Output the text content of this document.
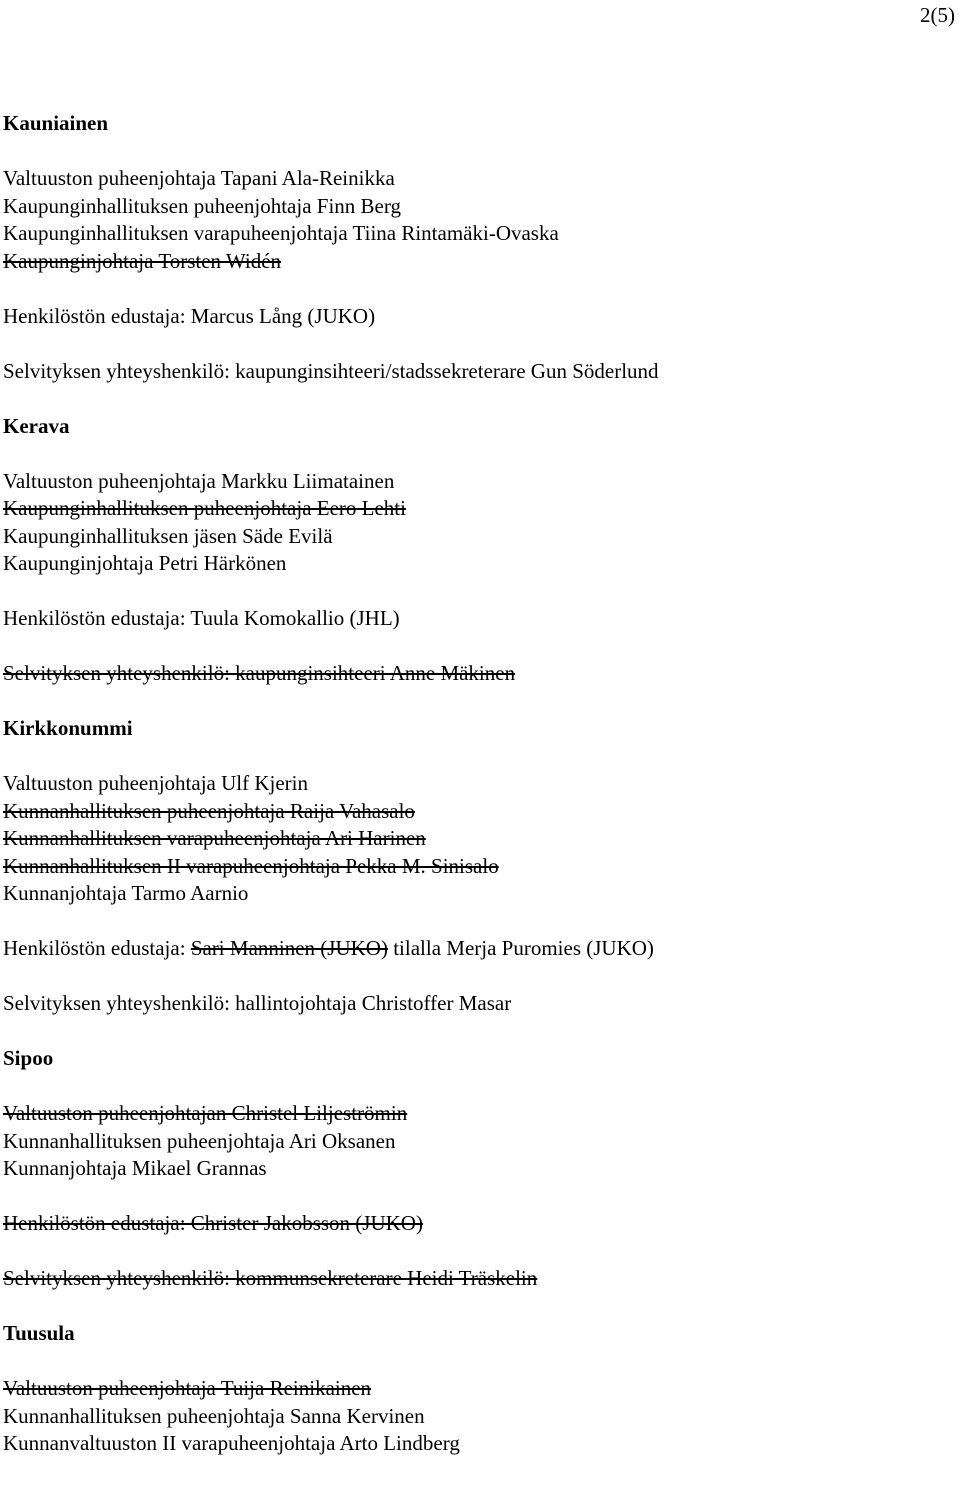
2(5)
Kauniainen
Valtuuston puheenjohtaja Tapani Ala-Reinikka
Kaupunginhallituksen puheenjohtaja Finn Berg
Kaupunginhallituksen varapuheenjohtaja Tiina Rintamäki-Ovaska
Kaupunginjohtaja Torsten Widén
Henkilöstön edustaja: Marcus Lång (JUKO)
Selvityksen yhteyshenkilö: kaupunginsihteeri/stadssekreterare Gun Söderlund
Kerava
Valtuuston puheenjohtaja Markku Liimatainen
Kaupunginhallituksen puheenjohtaja Eero Lehti
Kaupunginhallituksen jäsen Säde Evilä
Kaupunginjohtaja Petri Härkönen
Henkilöstön edustaja: Tuula Komokallio (JHL)
Selvityksen yhteyshenkilö: kaupunginsihteeri Anne Mäkinen
Kirkkonummi
Valtuuston puheenjohtaja Ulf Kjerin
Kunnanhallituksen puheenjohtaja Raija Vahasalo
Kunnanhallituksen varapuheenjohtaja Ari Harinen
Kunnanhallituksen II varapuheenjohtaja Pekka M. Sinisalo
Kunnanjohtaja Tarmo Aarnio
Henkilöstön edustaja: Sari Manninen (JUKO) tilalla Merja Puromies (JUKO)
Selvityksen yhteyshenkilö: hallintojohtaja Christoffer Masar
Sipoo
Valtuuston puheenjohtajan Christel Liljeströmin
Kunnanhallituksen puheenjohtaja Ari Oksanen
Kunnanjohtaja Mikael Grannas
Henkilöstön edustaja: Christer Jakobsson (JUKO)
Selvityksen yhteyshenkilö: kommunsekreterare Heidi Träskelin
Tuusula
Valtuuston puheenjohtaja Tuija Reinikainen
Kunnanhallituksen puheenjohtaja Sanna Kervinen
Kunnanvaltuuston II varapuheenjohtaja Arto Lindberg
